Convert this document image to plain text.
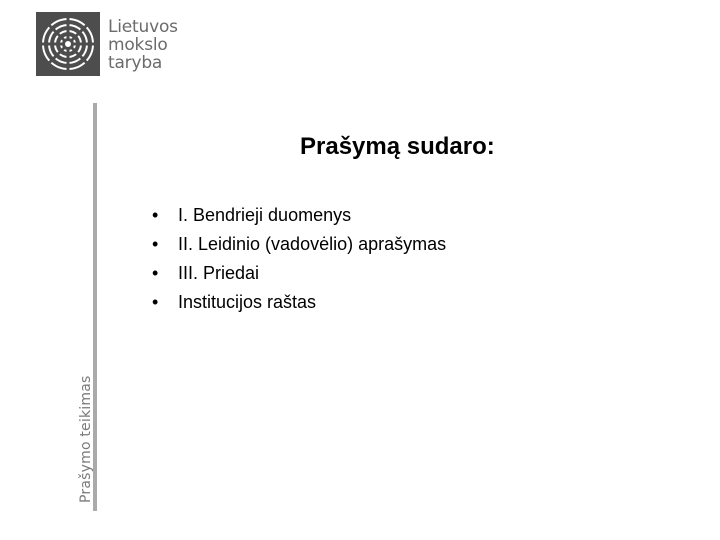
Lietuvos
mokslo
taryba
Prašymo teikimas
Prašymą sudaro:
•	I. Bendrieji duomenys
•	II. Leidinio (vadovėlio) aprašymas
•	III. Priedai
•	Institucijos raštas
